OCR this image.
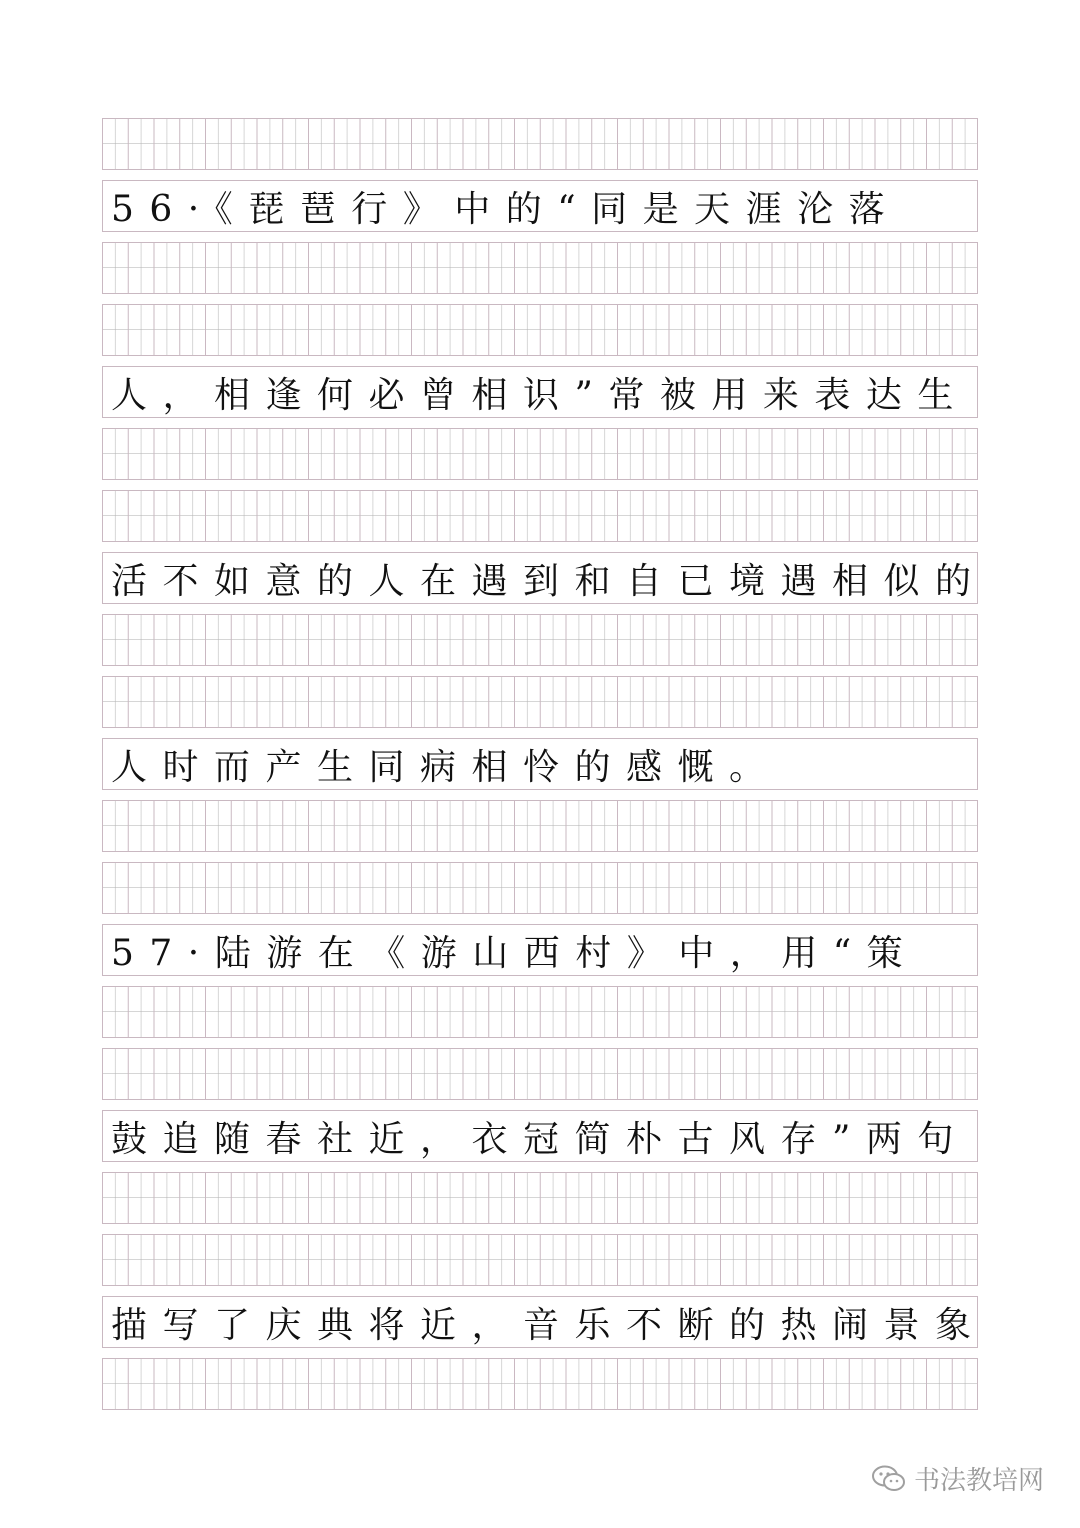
56·《琵琶行》中的“同是天涯沦落
人，相逢何必曾相识”常被用来表达生
活不如意的人在遇到和自已境遇相似的
人时而产生同病相怜的感慨。
57·陆游在《游山西村》中，用“策
鼓追随春社近，衣冠简朴古风存”两句
描写了庆典将近，音乐不断的热闹景象
书法教培网
